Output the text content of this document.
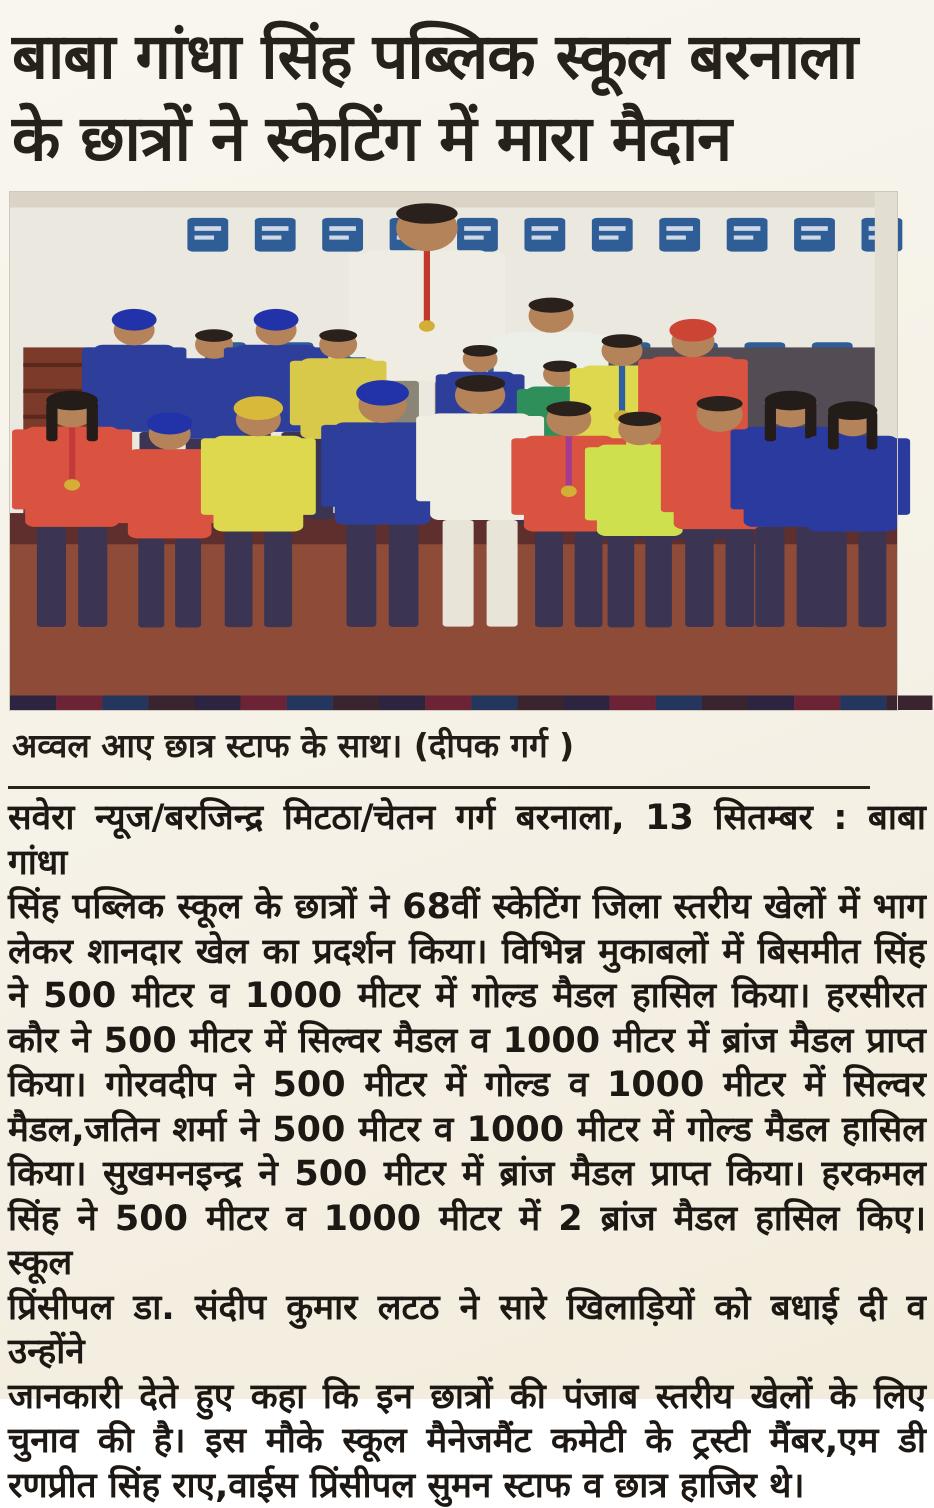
बाबा गांधा सिंह पब्लिक स्कूल बरनाला
के छात्रों ने स्केटिंग में मारा मैदान
अव्वल आए छात्र स्टाफ के साथ। (दीपक गर्ग )
सवेरा न्यूज/बरजिन्द्र मिटठा/चेतन गर्ग बरनाला, 13 सितम्बर : बाबा गांधा
सिंह पब्लिक स्कूल के छात्रों ने 68वीं स्केटिंग जिला स्तरीय खेलों में भाग
लेकर शानदार खेल का प्रदर्शन किया। विभिन्न मुकाबलों में बिसमीत सिंह
ने 500 मीटर व 1000 मीटर में गोल्ड मैडल हासिल किया। हरसीरत
कौर ने 500 मीटर में सिल्वर मैडल व 1000 मीटर में ब्रांज मैडल प्राप्त
किया। गोरवदीप ने 500 मीटर में गोल्ड व 1000 मीटर में सिल्वर
मैडल,जतिन शर्मा ने 500 मीटर व 1000 मीटर में गोल्ड मैडल हासिल
किया। सुखमनइन्द्र ने 500 मीटर में ब्रांज मैडल प्राप्त किया। हरकमल
सिंह ने 500 मीटर व 1000 मीटर में 2 ब्रांज मैडल हासिल किए। स्कूल
प्रिंसीपल डा. संदीप कुमार लटठ ने सारे खिलाड़ियों को बधाई दी व उन्होंने
जानकारी देते हुए कहा कि इन छात्रों की पंजाब स्तरीय खेलों के लिए
चुनाव की है। इस मौके स्कूल मैनेजमैंट कमेटी के ट्रस्टी मैंबर,एम डी
रणप्रीत सिंह राए,वाईस प्रिंसीपल सुमन स्टाफ व छात्र हाजिर थे।
